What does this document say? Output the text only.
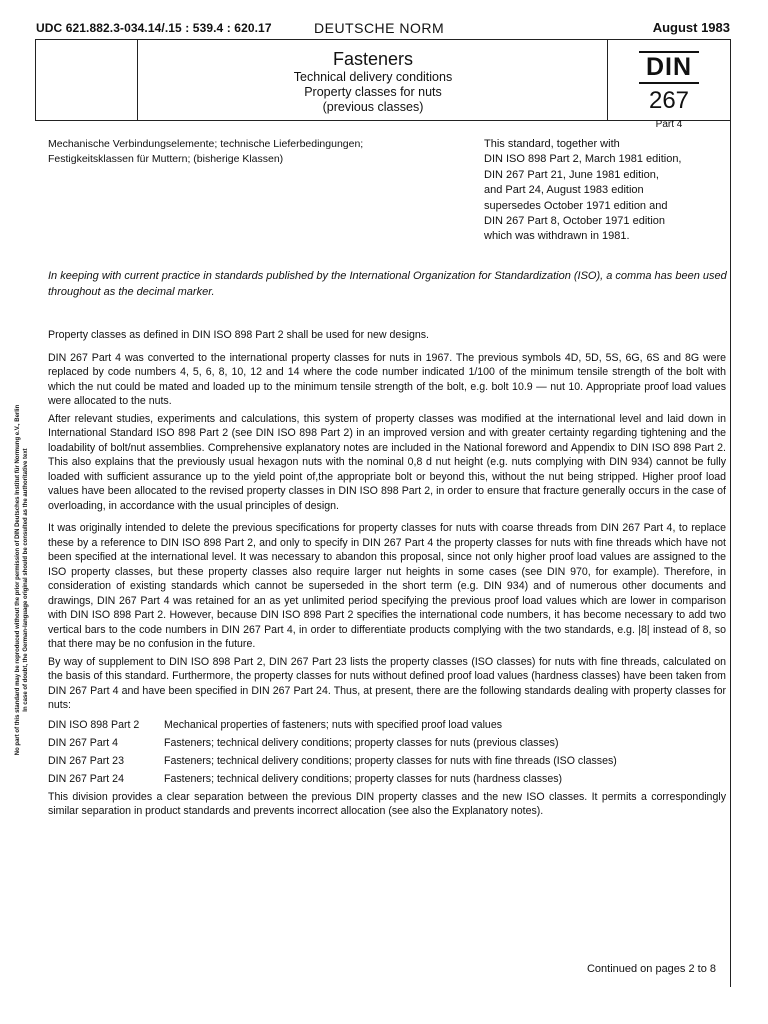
UDC 621.882.3-034.14/.15 : 539.4 : 620.17	DEUTSCHE NORM	August 1983
Fasteners
Technical delivery conditions
Property classes for nuts
(previous classes)
DIN
267
Part 4
Mechanische Verbindungselemente; technische Lieferbedingungen;
Festigkeitsklassen für Muttern; (bisherige Klassen)
This standard, together with
DIN ISO 898 Part 2, March 1981 edition,
DIN 267 Part 21, June 1981 edition,
and Part 24, August 1983 edition
supersedes October 1971 edition and
DIN 267 Part 8, October 1971 edition
which was withdrawn in 1981.
In keeping with current practice in standards published by the International Organization for Standardization (ISO), a comma has been used throughout as the decimal marker.

Property classes as defined in DIN ISO 898 Part 2 shall be used for new designs.

DIN 267 Part 4 was converted to the international property classes for nuts in 1967. The previous symbols 4D, 5D, 5S, 6G, 6S and 8G were replaced by code numbers 4, 5, 6, 8, 10, 12 and 14 where the code number indicated 1/100 of the minimum tensile strength of the bolt with which the nut could be mated and loaded up to the minimum tensile strength of the bolt, e.g. bolt 10.9 — nut 10. Appropriate proof load values were allocated to the nuts.

After relevant studies, experiments and calculations, this system of property classes was modified at the international level and laid down in International Standard ISO 898 Part 2 (see DIN ISO 898 Part 2) in an improved version and with greater certainty regarding tightening and the loadability of bolt/nut assemblies. Comprehensive explanatory notes are included in the National foreword and Appendix to DIN ISO 898 Part 2. This also explains that the previously usual hexagon nuts with the nominal 0,8 d nut height (e.g. nuts complying with DIN 934) cannot be fully loaded with sufficient assurance up to the yield point of,the appropriate bolt or beyond this, without the nut being stripped. Higher proof load values have been allocated to the revised property classes in DIN ISO 898 Part 2, in order to ensure that fracture generally occurs in the case of overloading, in accordance with the usual principles of design.

It was originally intended to delete the previous specifications for property classes for nuts with coarse threads from DIN 267 Part 4, to replace these by a reference to DIN ISO 898 Part 2, and only to specify in DIN 267 Part 4 the property classes for nuts with fine threads which have not been specified at the international level. It was necessary to abandon this proposal, since not only higher proof load values are assigned to the ISO property classes, but these property classes also require larger nut heights in some cases (see DIN 970, for example). Therefore, in consideration of existing standards which cannot be superseded in the short term (e.g. DIN 934) and of numerous other documents and drawings, DIN 267 Part 4 was retained for an as yet unlimited period specifying the previous proof load values which are lower in comparison with DIN ISO 898 Part 2. However, because DIN ISO 898 Part 2 specifies the international code numbers, it has become necessary to add two vertical bars to the code numbers in DIN 267 Part 4, in order to differentiate products complying with the two standards, e.g. |8| instead of 8, so that there may be no confusion in the future.

By way of supplement to DIN ISO 898 Part 2, DIN 267 Part 23 lists the property classes (ISO classes) for nuts with fine threads, calculated on the basis of this standard. Furthermore, the property classes for nuts without defined proof load values (hardness classes) have been taken from DIN 267 Part 4 and have been specified in DIN 267 Part 24. Thus, at present, there are the following standards dealing with property classes for nuts:

DIN ISO 898 Part 2	Mechanical properties of fasteners; nuts with specified proof load values
DIN 267 Part 4	Fasteners; technical delivery conditions; property classes for nuts (previous classes)
DIN 267 Part 23	Fasteners; technical delivery conditions; property classes for nuts with fine threads (ISO classes)
DIN 267 Part 24	Fasteners; technical delivery conditions; property classes for nuts (hardness classes)

This division provides a clear separation between the previous DIN property classes and the new ISO classes. It permits a correspondingly similar separation in product standards and prevents incorrect allocation (see also the Explanatory notes).

Continued on pages 2 to 8
No part of this standard may be reproduced without the prior permission of DIN Deutsches Institut für Normung e.V., Berlin In case of doubt, the German-language original should be consulted as the authoritative text
